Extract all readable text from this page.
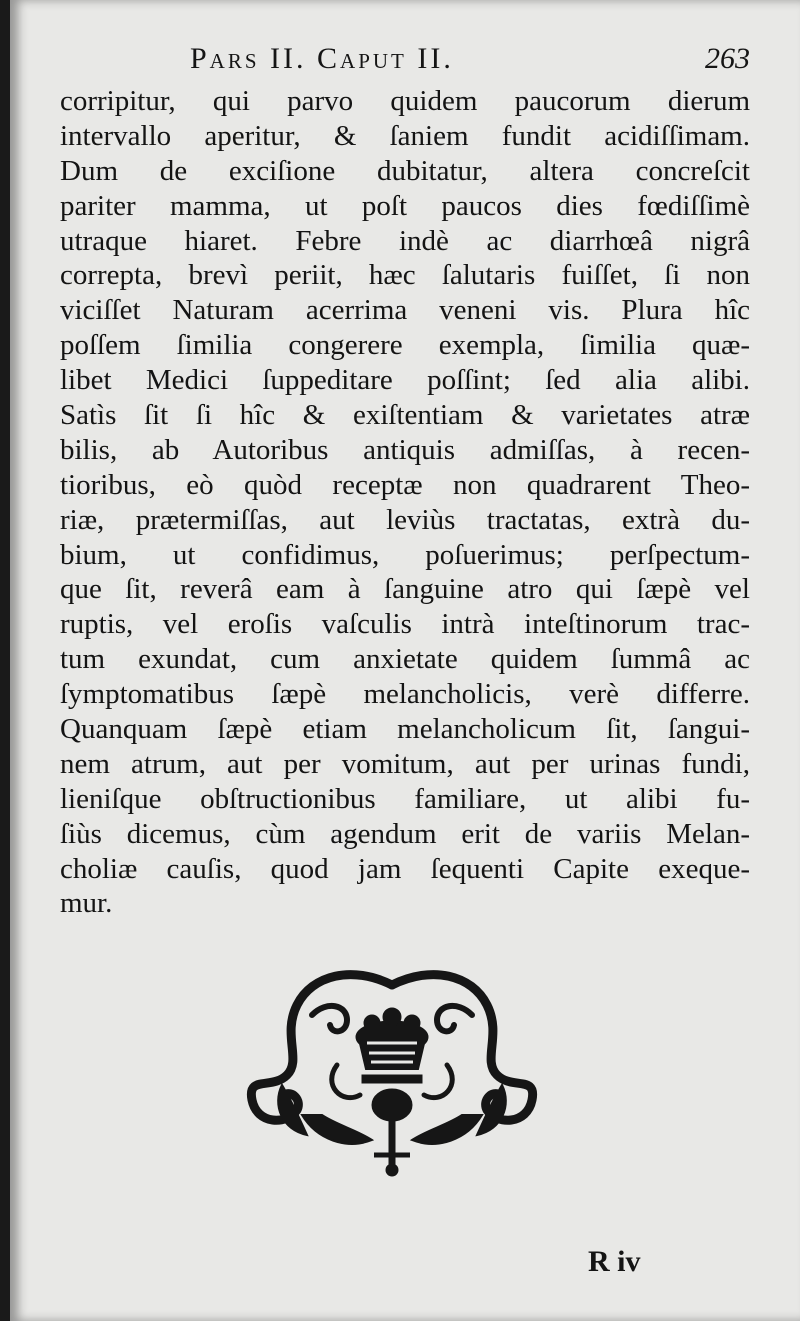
Pars II. Caput II.	263
corripitur, qui parvo quidem paucorum dierum
intervallo aperitur, & ſaniem fundit acidiſſimam.
Dum de exciſione dubitatur, altera concreſcit
pariter mamma, ut poſt paucos dies fœdiſſimè
utraque hiaret. Febre indè ac diarrhœâ nigrâ
correpta, brevì periit, hæc ſalutaris fuiſſet, ſi non
viciſſet Naturam acerrima veneni vis. Plura hîc
poſſem ſimilia congerere exempla, ſimilia quæ-
libet Medici ſuppeditare poſſint; ſed alia alibi.
Satìs ſit ſi hîc & exiſtentiam & varietates atræ
bilis, ab Autoribus antiquis admiſſas, à recen-
tioribus, eò quòd receptæ non quadrarent Theo-
riæ, prætermiſſas, aut leviùs tractatas, extrà du-
bium, ut confidimus, poſuerimus; perſpectum-
que ſit, reverâ eam à ſanguine atro qui ſæpè vel
ruptis, vel eroſis vaſculis intrà inteſtinorum trac-
tum exundat, cum anxietate quidem ſummâ ac
ſymptomatibus ſæpè melancholicis, verè differre.
Quanquam ſæpè etiam melancholicum ſit, ſangui-
nem atrum, aut per vomitum, aut per urinas fundi,
lieniſque obſtructionibus familiare, ut alibi fu-
ſiùs dicemus, cùm agendum erit de variis Melan-
choliæ cauſis, quod jam ſequenti Capite exeque-
mur.
R iv
